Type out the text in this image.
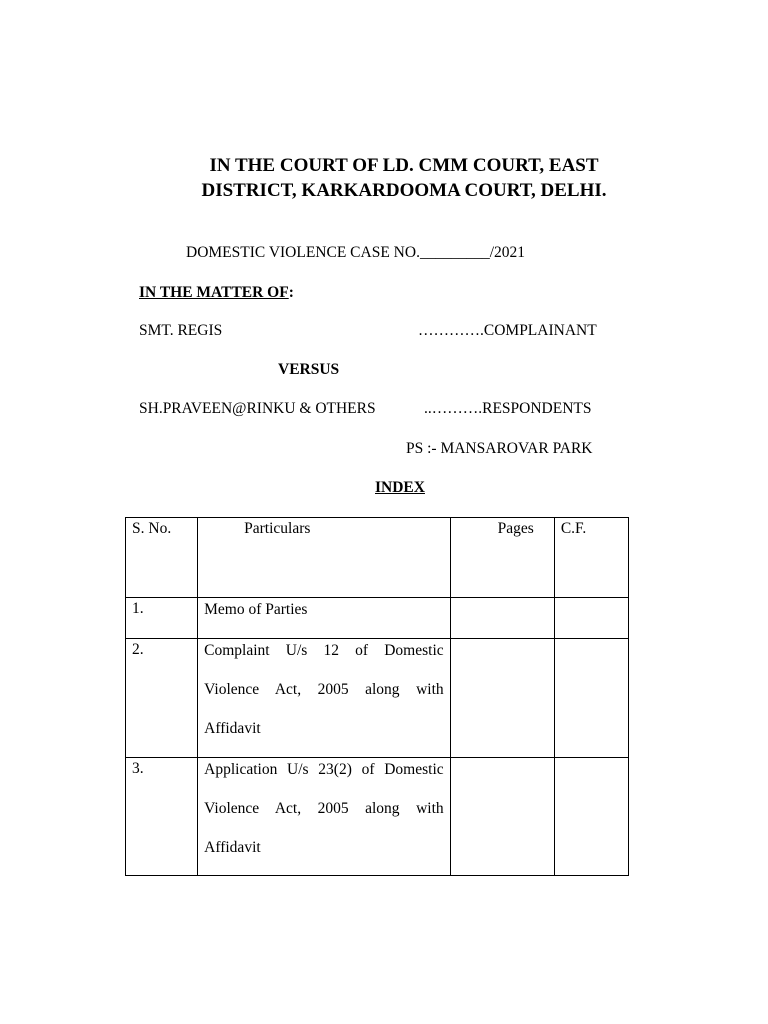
IN THE COURT OF LD. CMM COURT, EAST
DISTRICT, KARKARDOOMA COURT, DELHI.
DOMESTIC VIOLENCE CASE NO._________/2021
IN THE MATTER OF:
SMT. REGIS	………….COMPLAINANT
VERSUS
SH.PRAVEEN@RINKU & OTHERS	..……….RESPONDENTS
PS :- MANSAROVAR PARK
INDEX
S. No.	Particulars	Pages	C.F.
1.	Memo of Parties		

2.	Complaint U/s 12 of Domestic Violence Act, 2005 along with Affidavit		

3.	Application U/s 23(2) of Domestic Violence Act, 2005 along with Affidavit		
